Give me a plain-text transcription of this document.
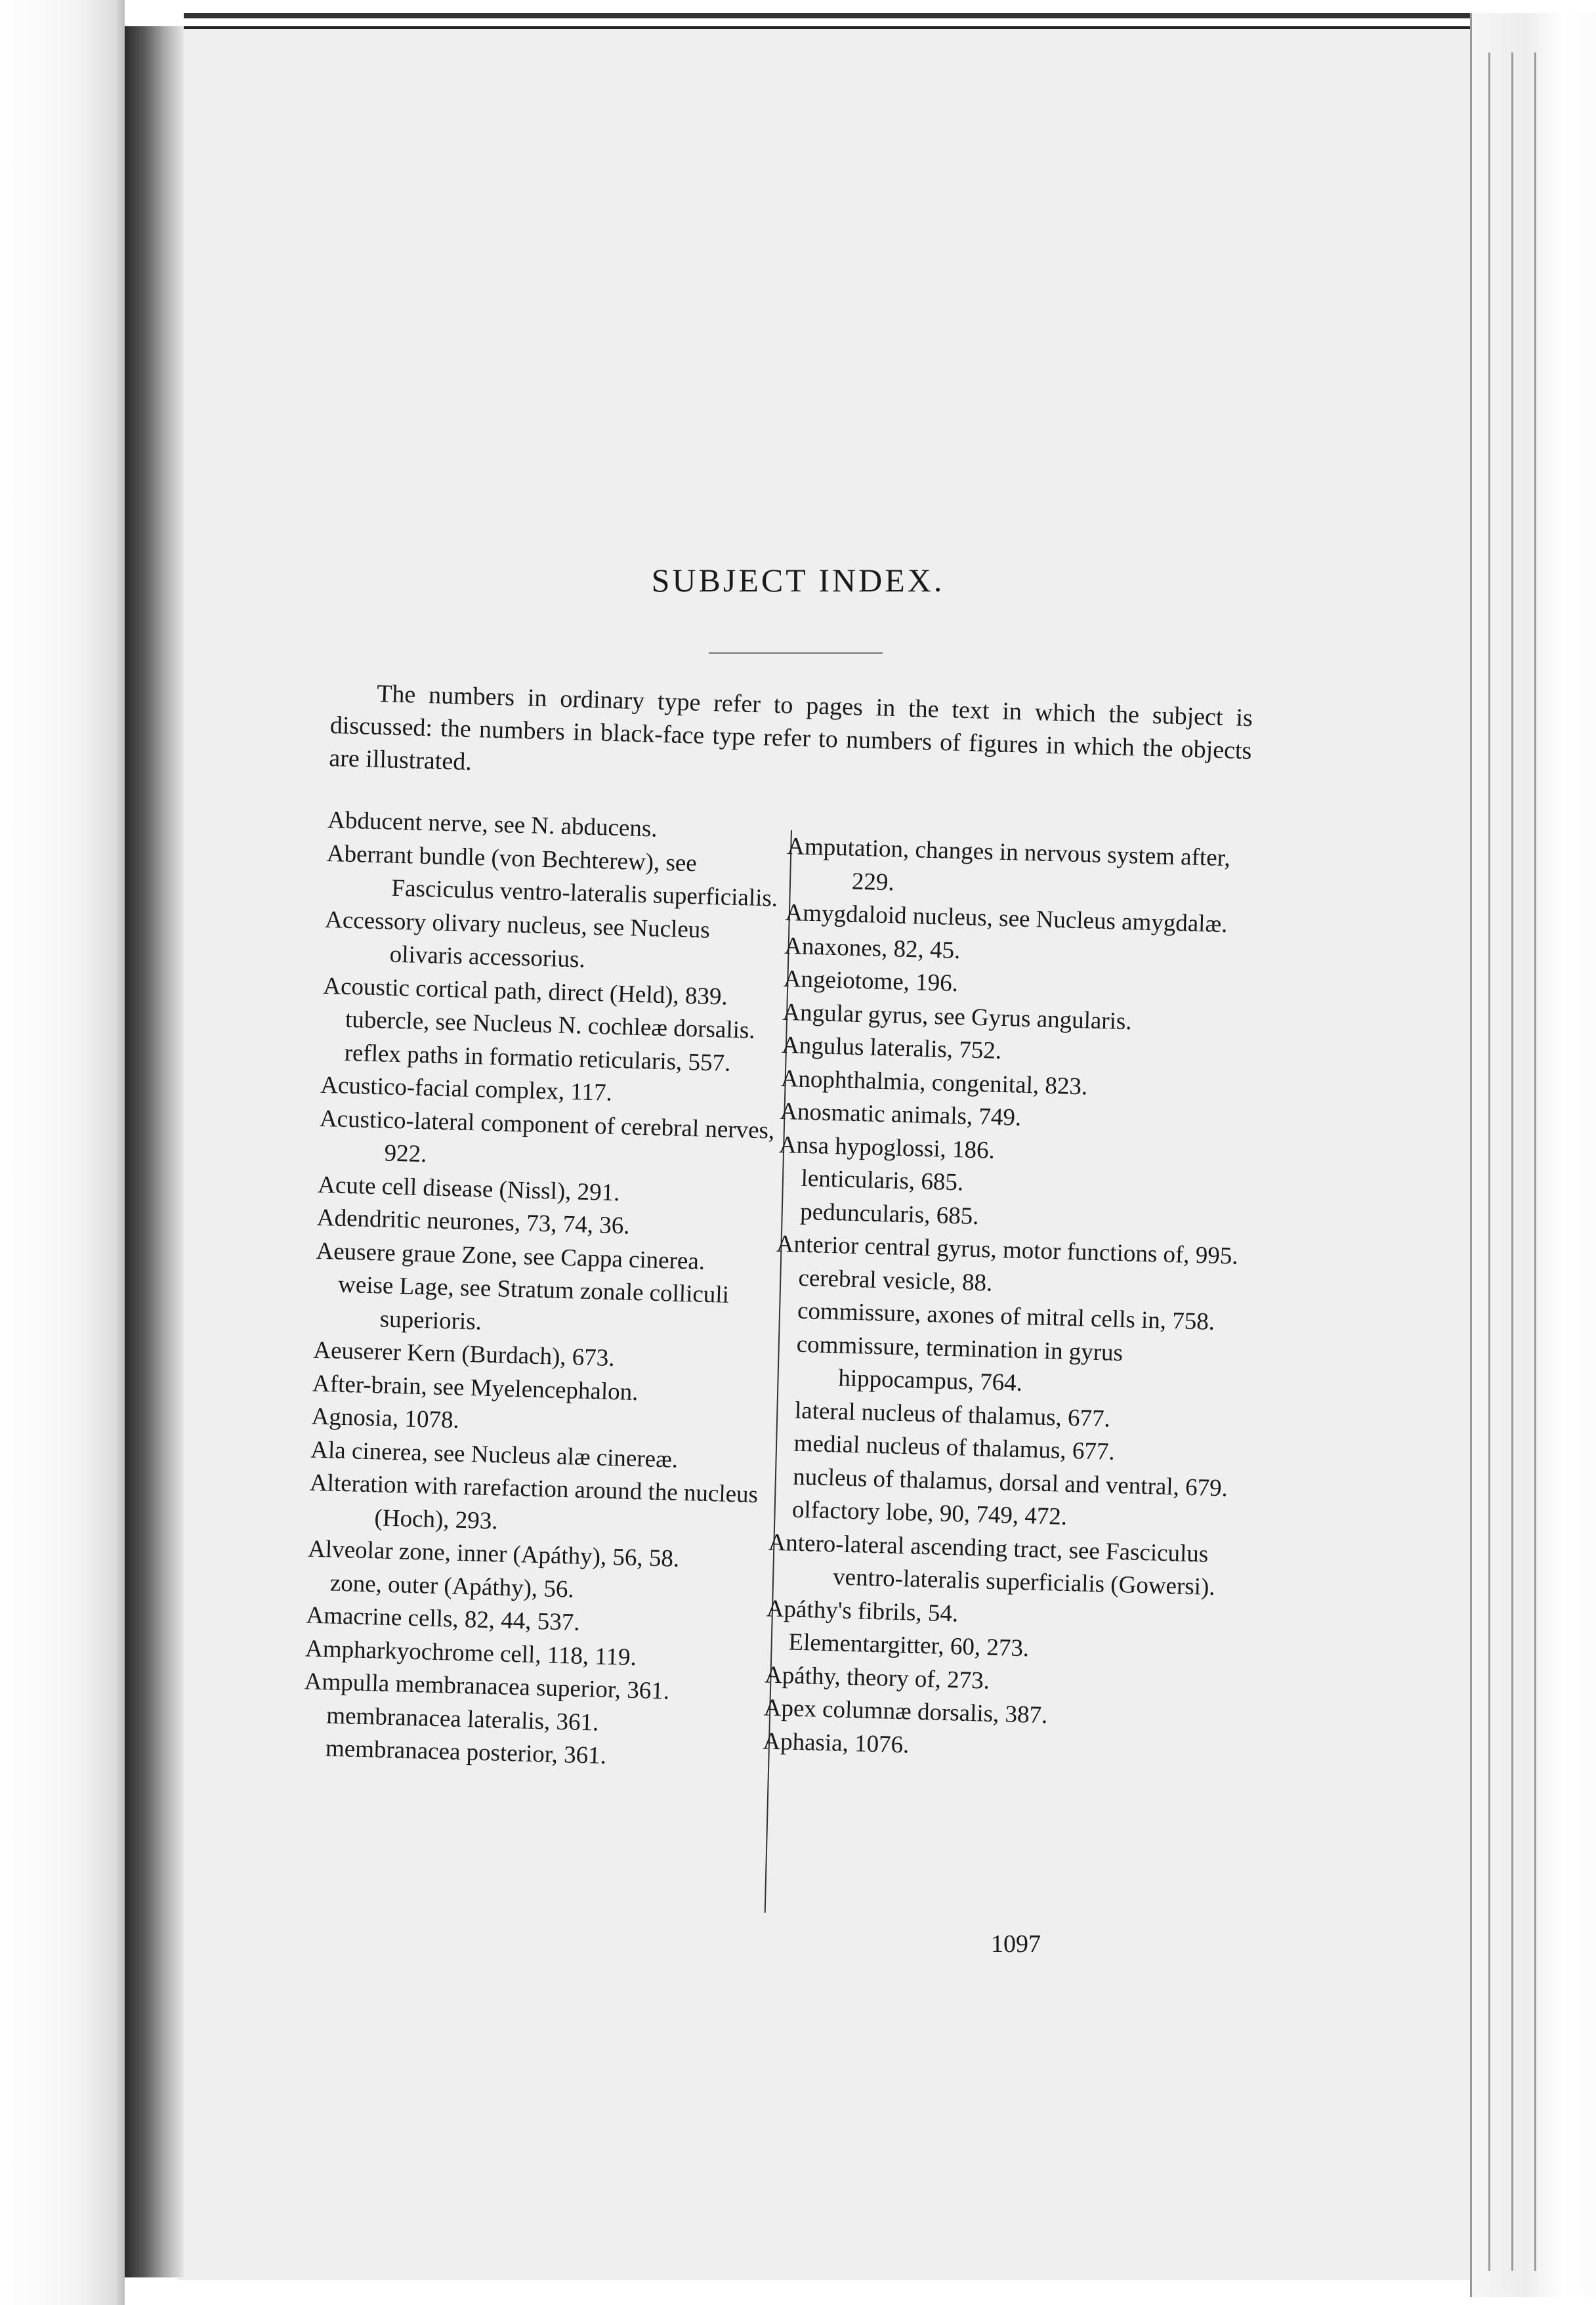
SUBJECT INDEX.

The numbers in ordinary type refer to pages in the text in which the subject is discussed: the numbers in black-face type refer to numbers of figures in which the objects are illustrated.

Abducent nerve, see N. abducens.

Aberrant bundle (von Bechterew), see Fasciculus ventro-lateralis superficialis.

Accessory olivary nucleus, see Nucleus olivaris accessorius.

Acoustic cortical path, direct (Held), 839.

tubercle, see Nucleus N. cochleæ dorsalis.

reflex paths in formatio reticularis, 557.

Acustico-facial complex, 117.

Acustico-lateral component of cerebral nerves, 922.

Acute cell disease (Nissl), 291.

Adendritic neurones, 73, 74, 36.

Aeusere graue Zone, see Cappa cinerea.

weise Lage, see Stratum zonale colliculi superioris.

Aeuserer Kern (Burdach), 673.

After-brain, see Myelencephalon.

Agnosia, 1078.

Ala cinerea, see Nucleus alæ cinereæ.

Alteration with rarefaction around the nucleus (Hoch), 293.

Alveolar zone, inner (Apáthy), 56, 58.

zone, outer (Apáthy), 56.

Amacrine cells, 82, 44, 537.

Ampharkyochrome cell, 118, 119.

Ampulla membranacea superior, 361.

membranacea lateralis, 361.

membranacea posterior, 361.

Amputation, changes in nervous system after, 229.

Amygdaloid nucleus, see Nucleus amygdalæ.

Anaxones, 82, 45.

Angeiotome, 196.

Angular gyrus, see Gyrus angularis.

Angulus lateralis, 752.

Anophthalmia, congenital, 823.

Anosmatic animals, 749.

Ansa hypoglossi, 186.

lenticularis, 685.

peduncularis, 685.

Anterior central gyrus, motor functions of, 995.

cerebral vesicle, 88.

commissure, axones of mitral cells in, 758.

commissure, termination in gyrus hippocampus, 764.

lateral nucleus of thalamus, 677.

medial nucleus of thalamus, 677.

nucleus of thalamus, dorsal and ventral, 679.

olfactory lobe, 90, 749, 472.

Antero-lateral ascending tract, see Fasciculus ventro-lateralis superficialis (Gowersi).

Apáthy's fibrils, 54.

Elementargitter, 60, 273.

Apáthy, theory of, 273.

Apex columnæ dorsalis, 387.

Aphasia, 1076.

1097
